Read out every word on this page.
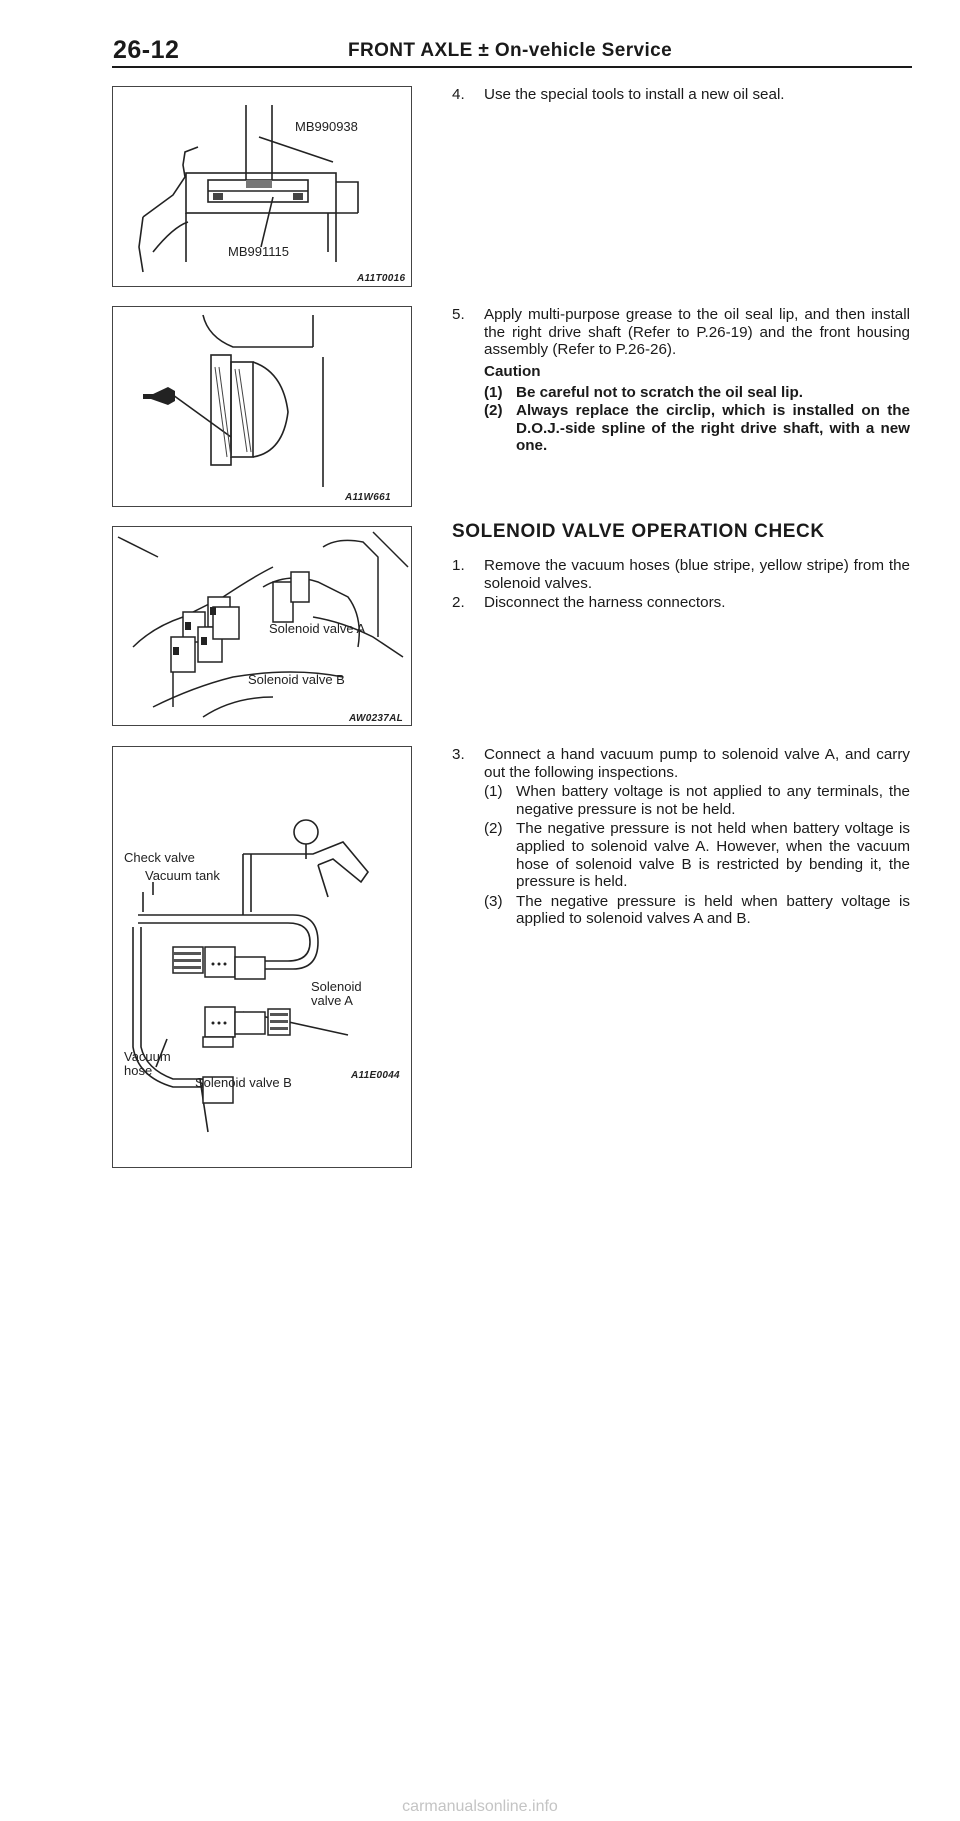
26-12	FRONT AXLE ± On-vehicle Service
MB990938
MB991115
A11T0016
A11W661
Solenoid valve A
Solenoid valve B
AW0237AL
Check valve
Vacuum tank
Solenoid
valve A
Vacuum
hose
Solenoid valve B	A11E0044
4. Use the special tools to install a new oil seal.
5. Apply multi-purpose grease to the oil seal lip, and then install the right drive shaft (Refer to P.26-19) and the front housing assembly (Refer to P.26-26).
Caution
(1) Be careful not to scratch the oil seal lip.
(2) Always replace the circlip, which is installed on the D.O.J.-side spline of the right drive shaft, with a new one.
SOLENOID VALVE OPERATION CHECK
1. Remove the vacuum hoses (blue stripe, yellow stripe) from the solenoid valves.
2. Disconnect the harness connectors.
3. Connect a hand vacuum pump to solenoid valve A, and carry out the following inspections.
(1) When battery voltage is not applied to any terminals, the negative pressure is not be held.
(2) The negative pressure is not held when battery voltage is applied to solenoid valve A. However, when the vacuum hose of solenoid valve B is restricted by bending it, the pressure is held.
(3) The negative pressure is held when battery voltage is applied to solenoid valves A and B.
carmanualsonline.info
